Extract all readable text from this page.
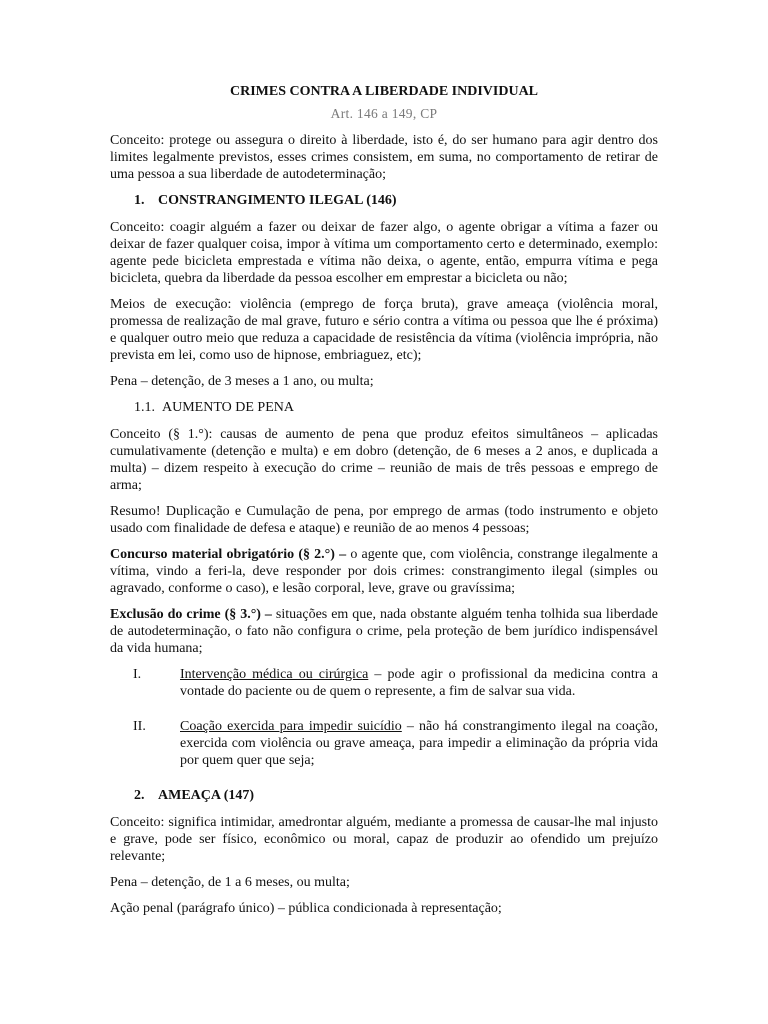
CRIMES CONTRA A LIBERDADE INDIVIDUAL
Art. 146 a 149, CP

Conceito: protege ou assegura o direito à liberdade, isto é, do ser humano para agir dentro dos limites legalmente previstos, esses crimes consistem, em suma, no comportamento de retirar de uma pessoa a sua liberdade de autodeterminação;

1. CONSTRANGIMENTO ILEGAL (146)

Conceito: coagir alguém a fazer ou deixar de fazer algo, o agente obrigar a vítima a fazer ou deixar de fazer qualquer coisa, impor à vítima um comportamento certo e determinado, exemplo: agente pede bicicleta emprestada e vítima não deixa, o agente, então, empurra vítima e pega bicicleta, quebra da liberdade da pessoa escolher em emprestar a bicicleta ou não;

Meios de execução: violência (emprego de força bruta), grave ameaça (violência moral, promessa de realização de mal grave, futuro e sério contra a vítima ou pessoa que lhe é próxima) e qualquer outro meio que reduza a capacidade de resistência da vítima (violência imprópria, não prevista em lei, como uso de hipnose, embriaguez, etc);

Pena – detenção, de 3 meses a 1 ano, ou multa;

1.1. AUMENTO DE PENA

Conceito (§ 1.°): causas de aumento de pena que produz efeitos simultâneos – aplicadas cumulativamente (detenção e multa) e em dobro (detenção, de 6 meses a 2 anos, e duplicada a multa) – dizem respeito à execução do crime – reunião de mais de três pessoas e emprego de arma;

Resumo! Duplicação e Cumulação de pena, por emprego de armas (todo instrumento e objeto usado com finalidade de defesa e ataque) e reunião de ao menos 4 pessoas;

Concurso material obrigatório (§ 2.°) – o agente que, com violência, constrange ilegalmente a vítima, vindo a feri-la, deve responder por dois crimes: constrangimento ilegal (simples ou agravado, conforme o caso), e lesão corporal, leve, grave ou gravíssima;

Exclusão do crime (§ 3.°) – situações em que, nada obstante alguém tenha tolhida sua liberdade de autodeterminação, o fato não configura o crime, pela proteção de bem jurídico indispensável da vida humana;

I.	Intervenção médica ou cirúrgica – pode agir o profissional da medicina contra a vontade do paciente ou de quem o represente, a fim de salvar sua vida.
II.	Coação exercida para impedir suicídio – não há constrangimento ilegal na coação, exercida com violência ou grave ameaça, para impedir a eliminação da própria vida por quem quer que seja;
2. AMEAÇA (147)

Conceito: significa intimidar, amedrontar alguém, mediante a promessa de causar-lhe mal injusto e grave, pode ser físico, econômico ou moral, capaz de produzir ao ofendido um prejuízo relevante;

Pena – detenção, de 1 a 6 meses, ou multa;

Ação penal (parágrafo único) – pública condicionada à representação;
